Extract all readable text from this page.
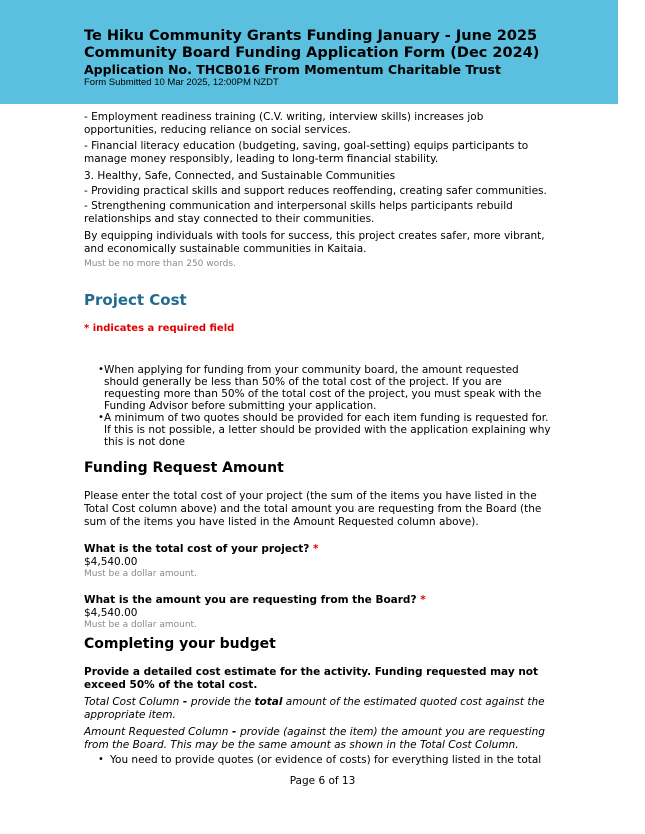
Te Hiku Community Grants Funding January - June 2025
Community Board Funding Application Form (Dec 2024)
Application No. THCB016 From Momentum Charitable Trust
Form Submitted 10 Mar 2025, 12:00PM NZDT

- Employment readiness training (C.V. writing, interview skills) increases job opportunities, reducing reliance on social services.

- Financial literacy education (budgeting, saving, goal-setting) equips participants to manage money responsibly, leading to long-term financial stability.

3. Healthy, Safe, Connected, and Sustainable Communities

- Providing practical skills and support reduces reoffending, creating safer communities.

- Strengthening communication and interpersonal skills helps participants rebuild relationships and stay connected to their communities.

By equipping individuals with tools for success, this project creates safer, more vibrant, and economically sustainable communities in Kaitaia.

Must be no more than 250 words.
Project Cost
* indicates a required field
• When applying for funding from your community board, the amount requested should generally be less than 50% of the total cost of the project. If you are requesting more than 50% of the total cost of the project, you must speak with the Funding Advisor before submitting your application.
• A minimum of two quotes should be provided for each item funding is requested for. If this is not possible, a letter should be provided with the application explaining why this is not done
Funding Request Amount

Please enter the total cost of your project (the sum of the items you have listed in the Total Cost column above) and the total amount you are requesting from the Board (the sum of the items you have listed in the Amount Requested column above).

What is the total cost of your project? *
$4,540.00
Must be a dollar amount.
What is the amount you are requesting from the Board? *
$4,540.00
Must be a dollar amount.
Completing your budget
Provide a detailed cost estimate for the activity. Funding requested may not exceed 50% of the total cost.

Total Cost Column - provide the total amount of the estimated quoted cost against the appropriate item.

Amount Requested Column - provide (against the item) the amount you are requesting from the Board. This may be the same amount as shown in the Total Cost Column.

• You need to provide quotes (or evidence of costs) for everything listed in the total
Page 6 of 13
